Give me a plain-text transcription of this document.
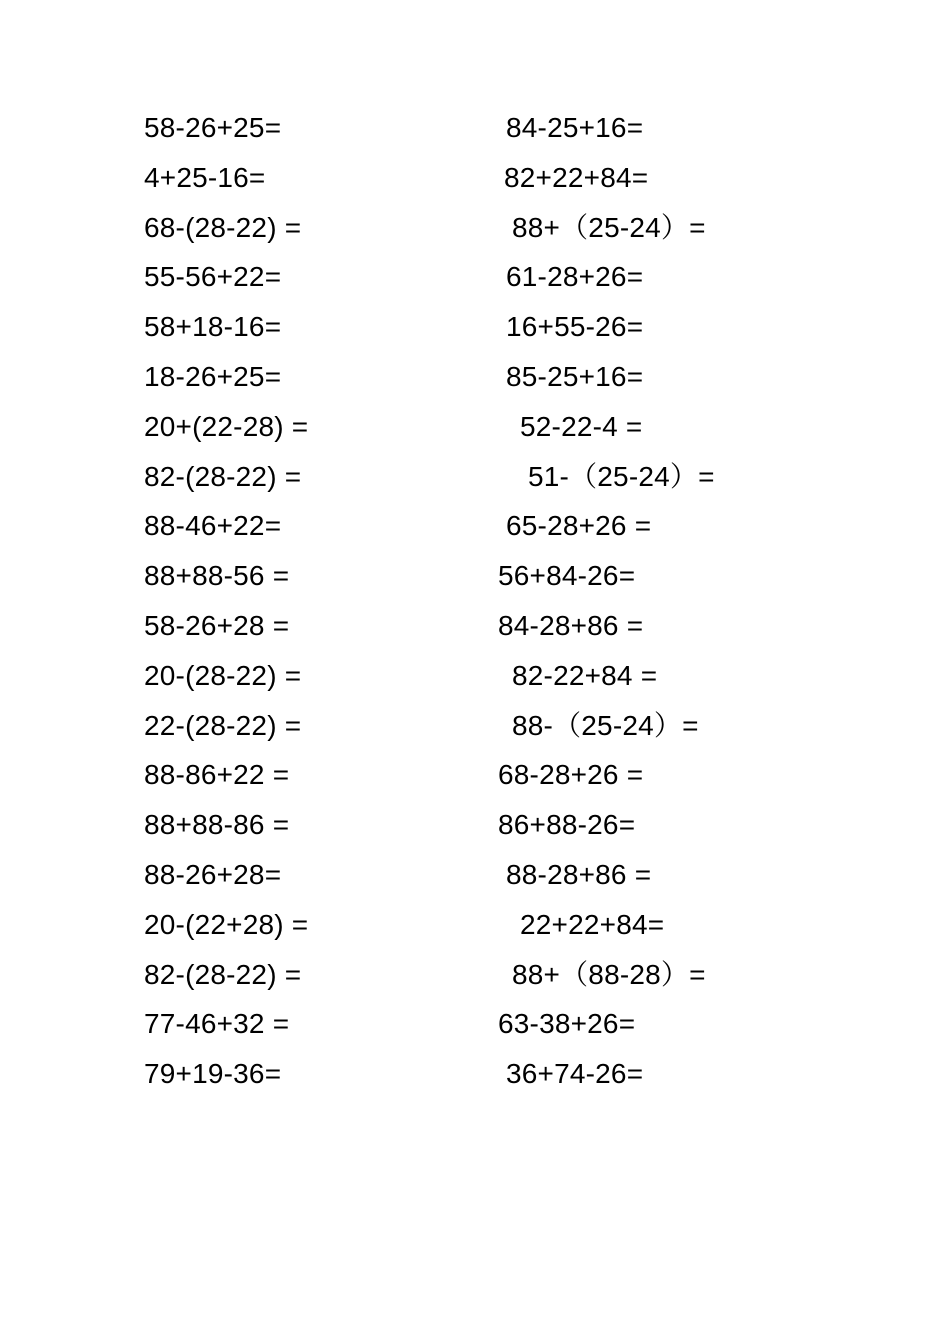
58-26+25=	84-25+16=
4+25-16=	82+22+84=
68-(28-22) =	88+（25-24）=
55-56+22=	61-28+26=
58+18-16=	16+55-26=
18-26+25=	85-25+16=
20+(22-28) =	52-22-4 =
82-(28-22) =	51-（25-24）=
88-46+22=	65-28+26 =
88+88-56 =	56+84-26=
58-26+28 =	84-28+86 =
20-(28-22) =	82-22+84 =
22-(28-22) =	88-（25-24）=
88-86+22 =	68-28+26 =
88+88-86 =	86+88-26=
88-26+28=	88-28+86 =
20-(22+28) =	22+22+84=
82-(28-22) =	88+（88-28）=
77-46+32 =	63-38+26=
79+19-36=	36+74-26=
